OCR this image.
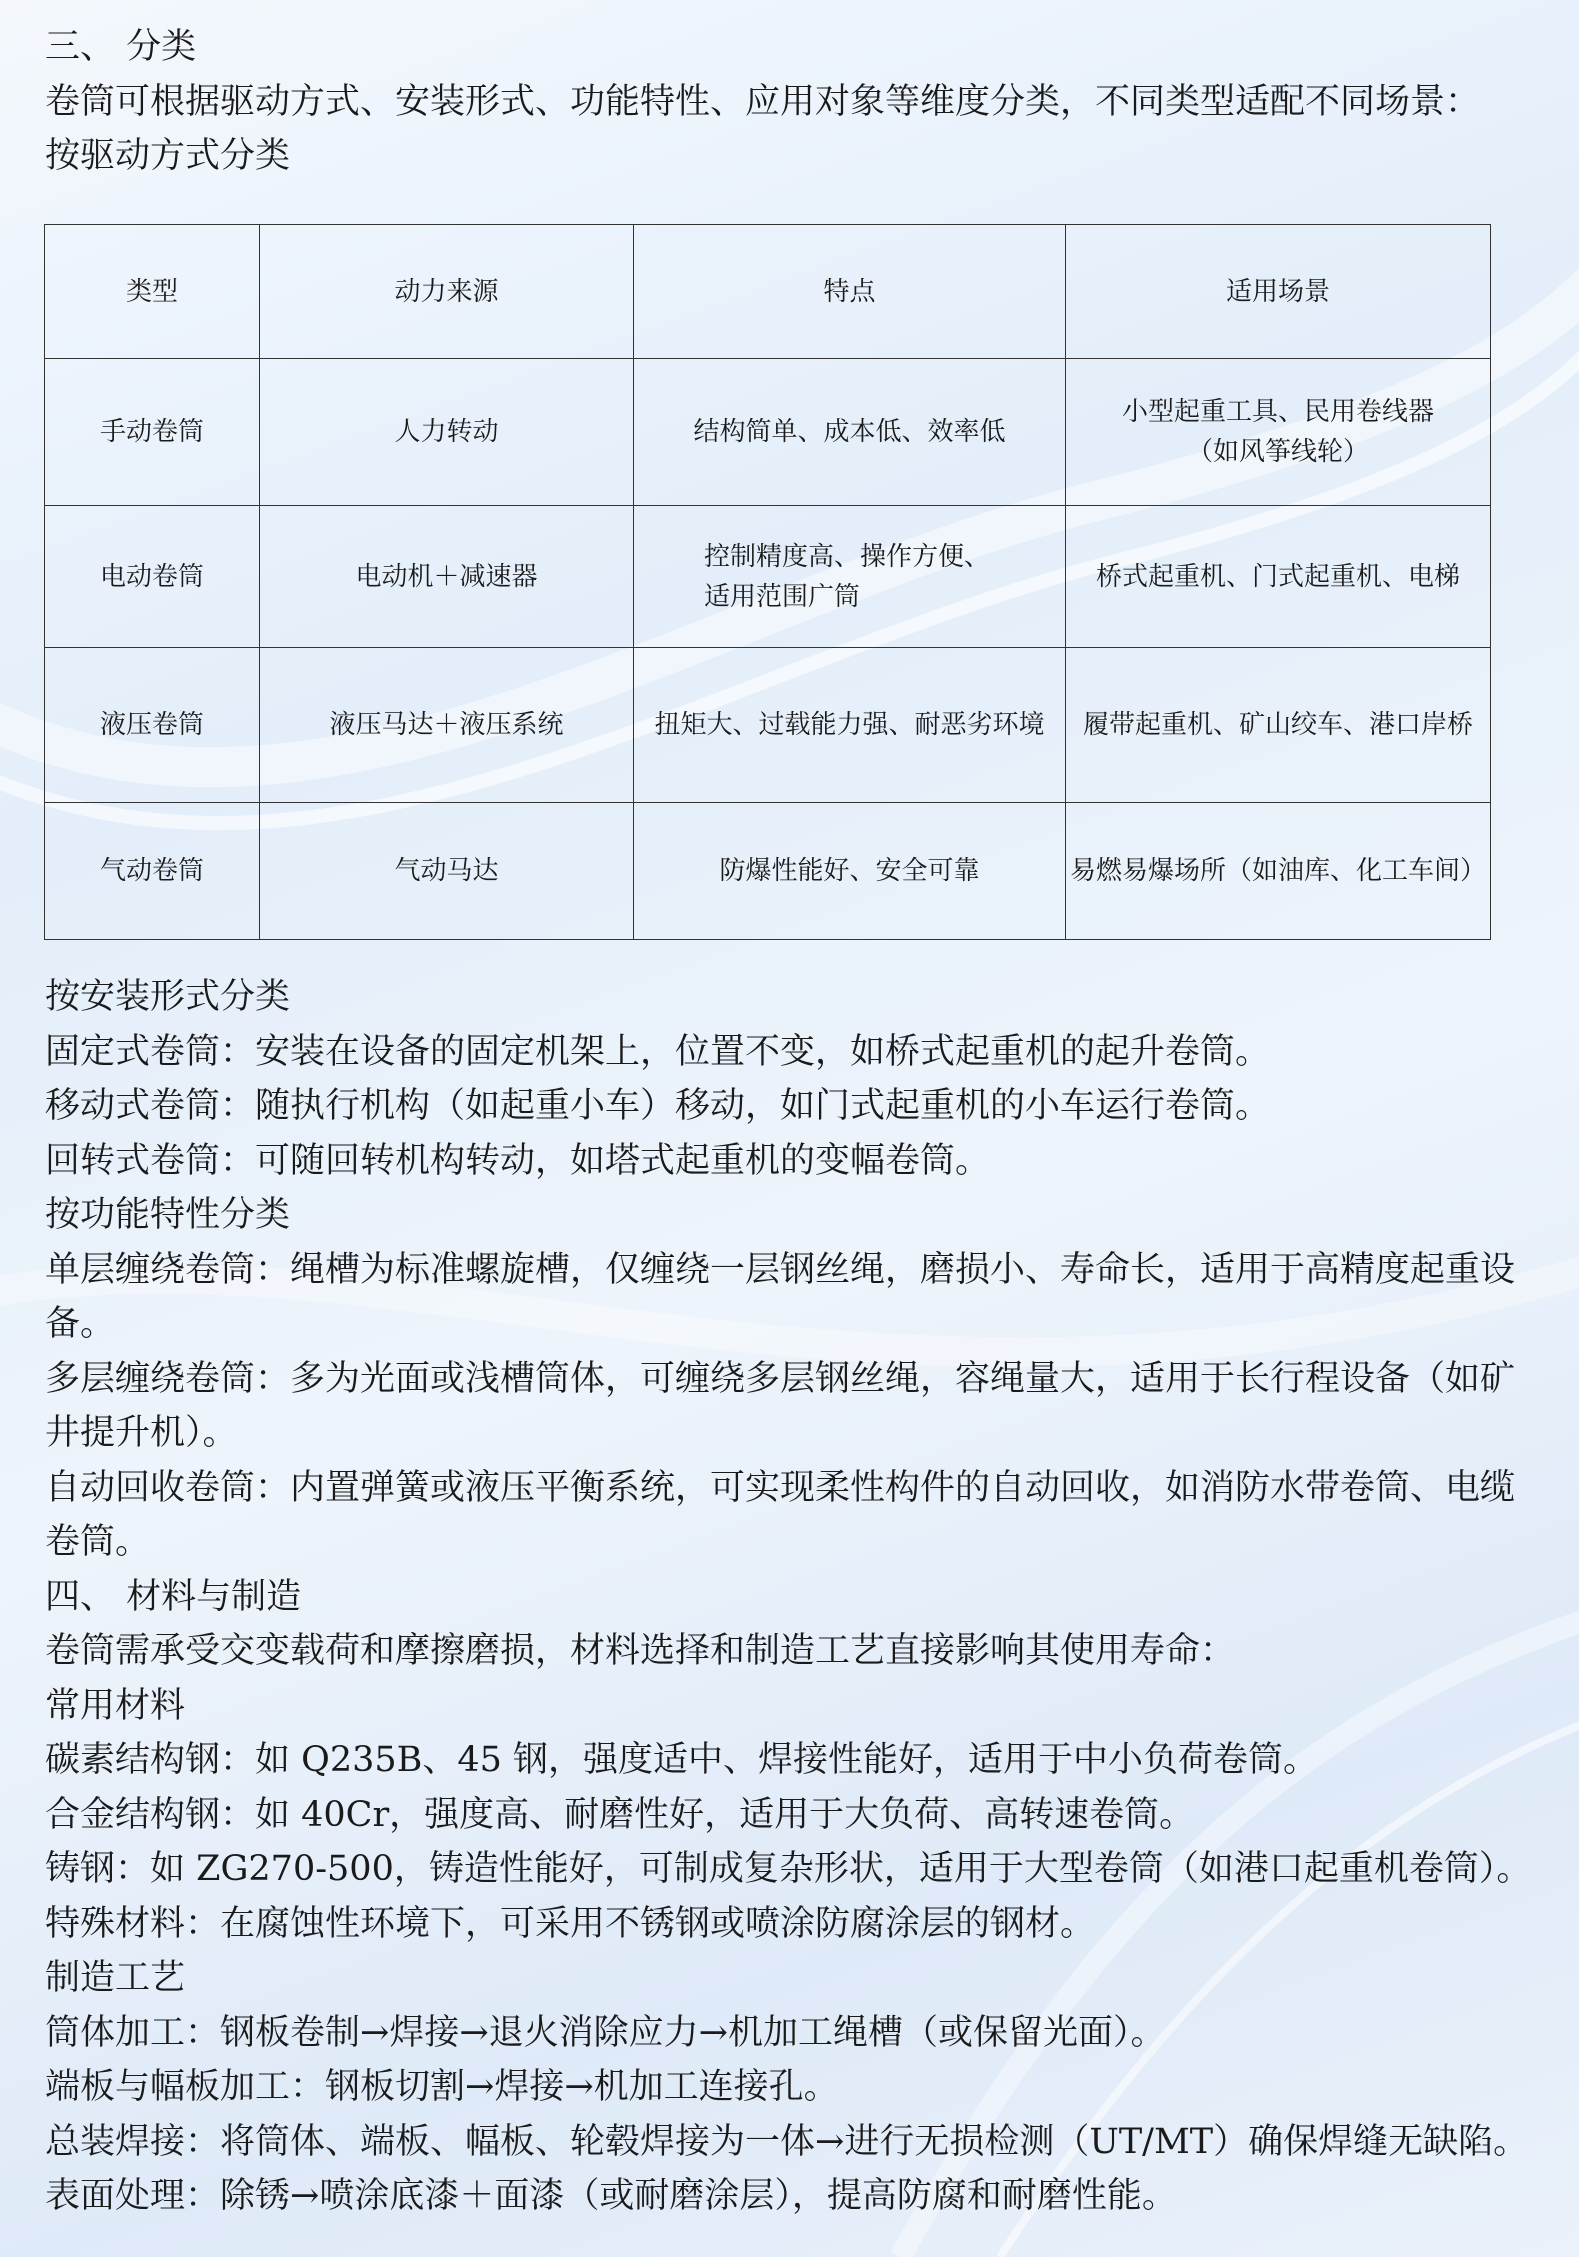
三、 分类

卷筒可根据驱动方式、安装形式、功能特性、应用对象等维度分类，不同类型适配不同场景：

按驱动方式分类

类型	动力来源	特点	适用场景
手动卷筒	人力转动	结构简单、成本低、效率低	小型起重工具、民用卷线器（如风筝线轮）
电动卷筒	电动机＋减速器	控制精度高、操作方便、适用范围广筒	桥式起重机、门式起重机、电梯
液压卷筒	液压马达＋液压系统	扭矩大、过载能力强、耐恶劣环境	履带起重机、矿山绞车、港口岸桥
气动卷筒	气动马达	防爆性能好、安全可靠	易燃易爆场所（如油库、化工车间）

按安装形式分类

固定式卷筒：安装在设备的固定机架上，位置不变，如桥式起重机的起升卷筒。

移动式卷筒：随执行机构（如起重小车）移动，如门式起重机的小车运行卷筒。

回转式卷筒：可随回转机构转动，如塔式起重机的变幅卷筒。

按功能特性分类

单层缠绕卷筒：绳槽为标准螺旋槽，仅缠绕一层钢丝绳，磨损小、寿命长，适用于高精度起重设备。

多层缠绕卷筒：多为光面或浅槽筒体，可缠绕多层钢丝绳，容绳量大，适用于长行程设备（如矿井提升机）。

自动回收卷筒：内置弹簧或液压平衡系统，可实现柔性构件的自动回收，如消防水带卷筒、电缆卷筒。

四、 材料与制造

卷筒需承受交变载荷和摩擦磨损，材料选择和制造工艺直接影响其使用寿命：

常用材料

碳素结构钢：如 Q235B、45 钢，强度适中、焊接性能好，适用于中小负荷卷筒。

合金结构钢：如 40Cr，强度高、耐磨性好，适用于大负荷、高转速卷筒。

铸钢：如 ZG270-500，铸造性能好，可制成复杂形状，适用于大型卷筒（如港口起重机卷筒）。

特殊材料：在腐蚀性环境下，可采用不锈钢或喷涂防腐涂层的钢材。

制造工艺

筒体加工：钢板卷制→焊接→退火消除应力→机加工绳槽（或保留光面）。

端板与幅板加工：钢板切割→焊接→机加工连接孔。

总装焊接：将筒体、端板、幅板、轮毂焊接为一体→进行无损检测（UT/MT）确保焊缝无缺陷。

表面处理：除锈→喷涂底漆＋面漆（或耐磨涂层），提高防腐和耐磨性能。
